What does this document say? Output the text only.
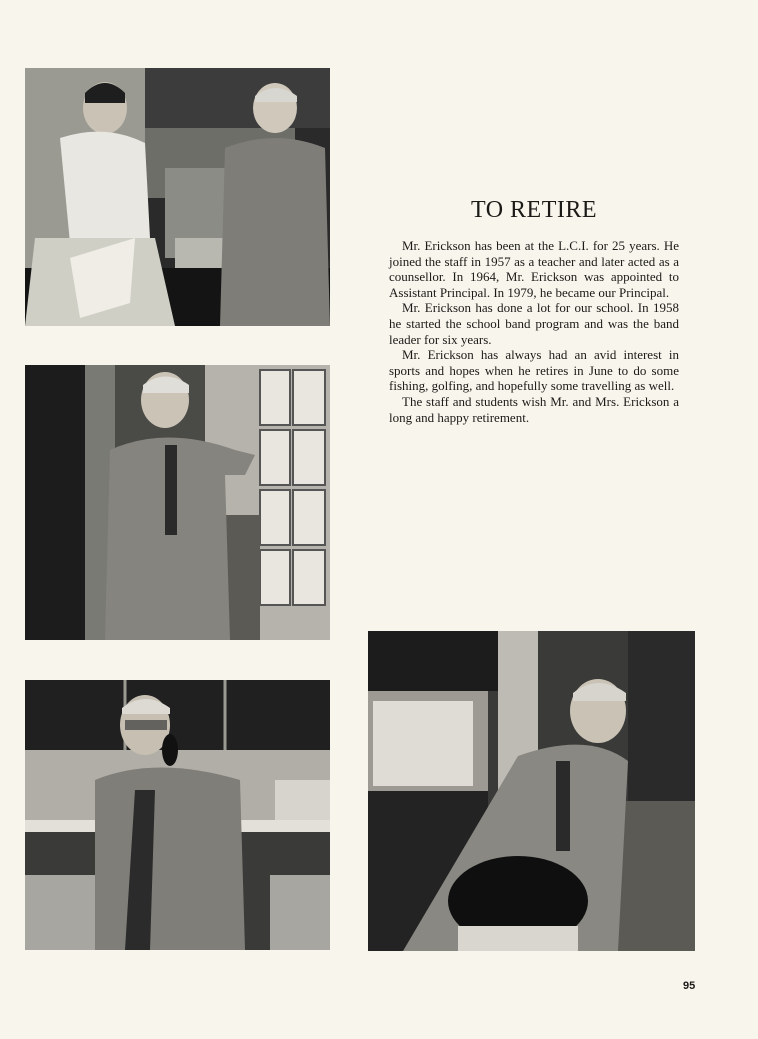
TO RETIRE

Mr. Erickson has been at the L.C.I. for 25 years. He joined the staff in 1957 as a teacher and later acted as a counsellor. In 1964, Mr. Erickson was appointed to Assistant Principal. In 1979, he became our Principal.

Mr. Erickson has done a lot for our school. In 1958 he started the school band program and was the band leader for six years.

Mr. Erickson has always had an avid interest in sports and hopes when he retires in June to do some fishing, golfing, and hopefully some travelling as well.

The staff and students wish Mr. and Mrs. Erickson a long and happy retirement.

95
